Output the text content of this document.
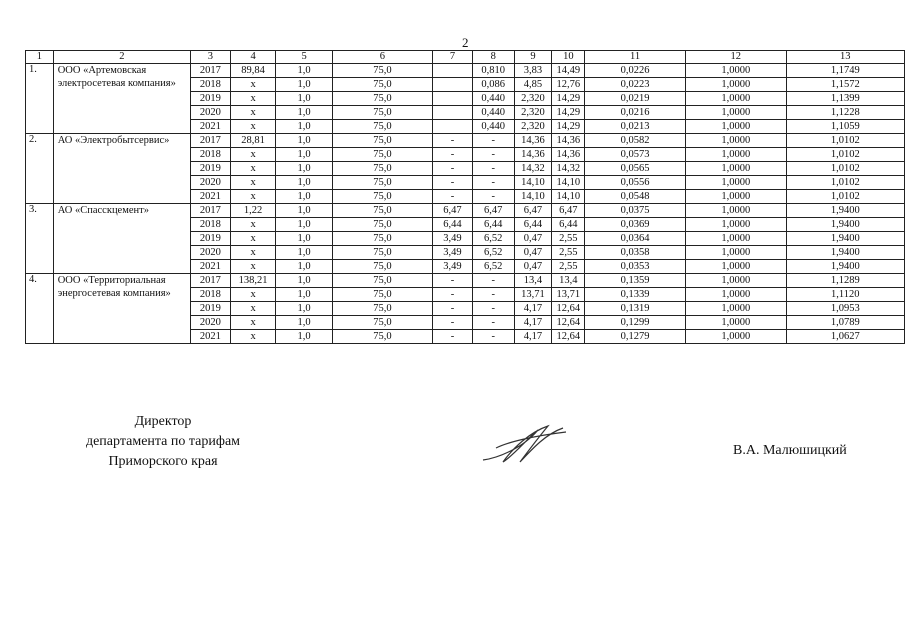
2
1	2	3	4	5	6	7	8	9	10	11	12	13
1.	ООО «Артемовская электросетевая компания»	2017	89,84	1,0	75,0		0,810	3,83	14,49	0,0226	1,0000	1,1749
		2018	x	1,0	75,0		0,086	4,85	12,76	0,0223	1,0000	1,1572
		2019	x	1,0	75,0		0,440	2,320	14,29	0,0219	1,0000	1,1399
		2020	x	1,0	75,0		0,440	2,320	14,29	0,0216	1,0000	1,1228
		2021	x	1,0	75,0		0,440	2,320	14,29	0,0213	1,0000	1,1059
2.	АО «Электробытсервис»	2017	28,81	1,0	75,0	-	-	14,36	14,36	0,0582	1,0000	1,0102
		2018	x	1,0	75,0	-	-	14,36	14,36	0,0573	1,0000	1,0102
		2019	x	1,0	75,0	-	-	14,32	14,32	0,0565	1,0000	1,0102
		2020	x	1,0	75,0	-	-	14,10	14,10	0,0556	1,0000	1,0102
		2021	x	1,0	75,0	-	-	14,10	14,10	0,0548	1,0000	1,0102
3.	АО «Спасскцемент»	2017	1,22	1,0	75,0	6,47	6,47	6,47	6,47	0,0375	1,0000	1,9400
		2018	x	1,0	75,0	6,44	6,44	6,44	6,44	0,0369	1,0000	1,9400
		2019	x	1,0	75,0	3,49	6,52	0,47	2,55	0,0364	1,0000	1,9400
		2020	x	1,0	75,0	3,49	6,52	0,47	2,55	0,0358	1,0000	1,9400
		2021	x	1,0	75,0	3,49	6,52	0,47	2,55	0,0353	1,0000	1,9400
4.	ООО «Территориальная энергосетевая компания»	2017	138,21	1,0	75,0	-	-	13,4	13,4	0,1359	1,0000	1,1289
		2018	x	1,0	75,0	-	-	13,71	13,71	0,1339	1,0000	1,1120
		2019	x	1,0	75,0	-	-	4,17	12,64	0,1319	1,0000	1,0953
		2020	x	1,0	75,0	-	-	4,17	12,64	0,1299	1,0000	1,0789
		2021	x	1,0	75,0	-	-	4,17	12,64	0,1279	1,0000	1,0627
Директор
департамента по тарифам
Приморского края
В.А. Малюшицкий
